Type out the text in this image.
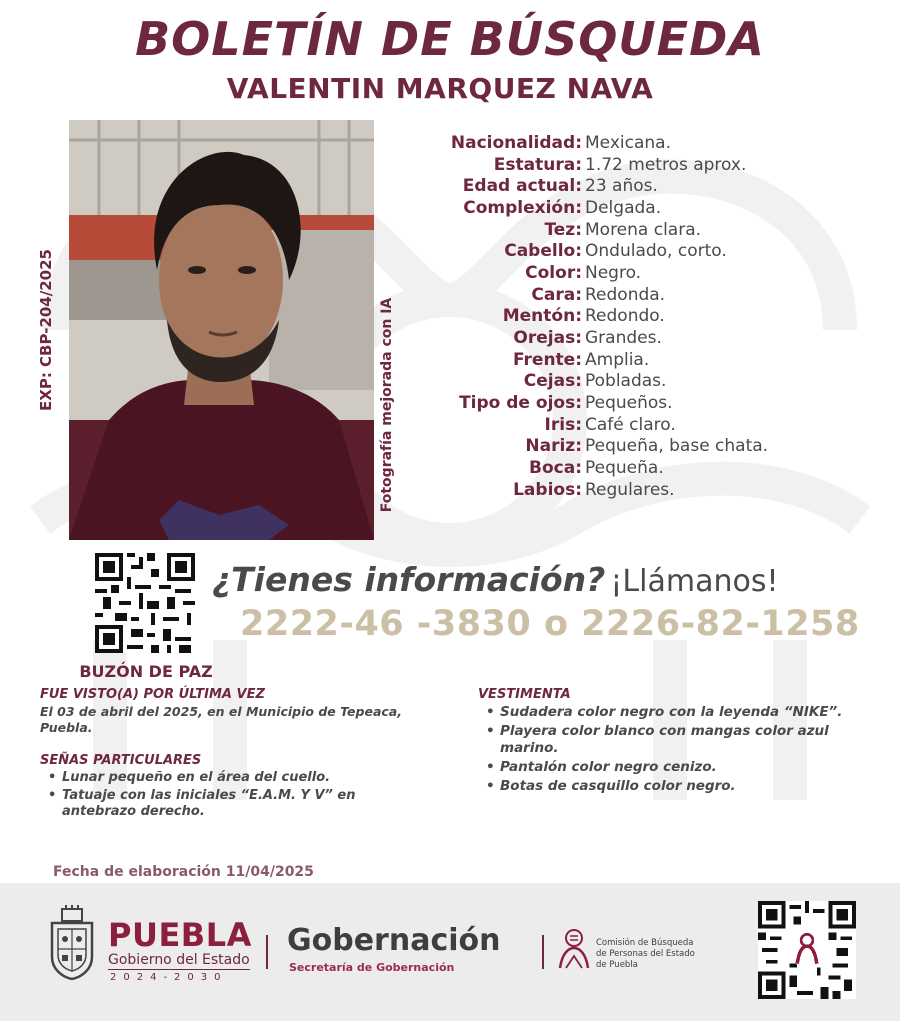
BOLETÍN DE BÚSQUEDA
VALENTIN MARQUEZ NAVA
EXP: CBP-204/2025	Fotografía mejorada con IA
Nacionalidad: Mexicana.
Estatura: 1.72 metros aprox.
Edad actual: 23 años.
Complexión: Delgada.
Tez: Morena clara.
Cabello: Ondulado, corto.
Color: Negro.
Cara: Redonda.
Mentón: Redondo.
Orejas: Grandes.
Frente: Amplia.
Cejas: Pobladas.
Tipo de ojos: Pequeños.
Iris: Café claro.
Nariz: Pequeña, base chata.
Boca: Pequeña.
Labios: Regulares.
BUZÓN DE PAZ
¿Tienes información? ¡Llámanos!
2222-46 -3830 o 2226-82-1258
FUE VISTO(A) POR ÚLTIMA VEZ
El 03 de abril del 2025, en el Municipio de Tepeaca, Puebla.
SEÑAS PARTICULARES
• Lunar pequeño en el área del cuello.
• Tatuaje con las iniciales “E.A.M. Y V” en antebrazo derecho.
VESTIMENTA
• Sudadera color negro con la leyenda “NIKE”.
• Playera color blanco con mangas color azul marino.
• Pantalón color negro cenizo.
• Botas de casquillo color negro.
Fecha de elaboración 11/04/2025
PUEBLA
Gobierno del Estado
2024-2030
Gobernación
Secretaría de Gobernación
Comisión de Búsqueda
de Personas del Estado
de Puebla
